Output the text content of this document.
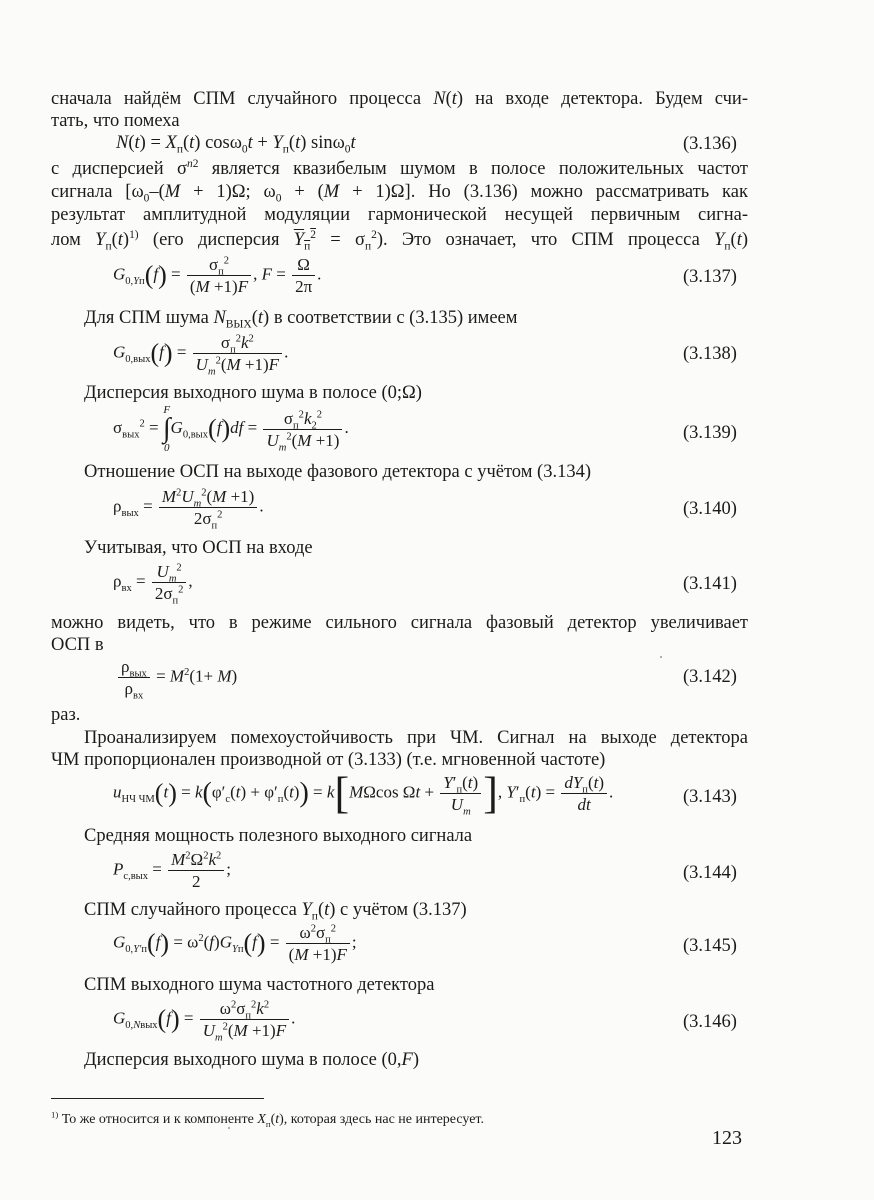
сначала найдём СПМ случайного процесса N(t) на входе детектора. Будем счи-
тать, что помеха
$N(t) = X_п(t) \cos\omega_0t + Y_п(t)$ sinω$_0$t	(3.136)
с дисперсией $\sigma^{n2}$ является квазибелым шумом в полосе положительных частот
сигнала [$\omega_0-(M + 1)\Omega$; $\omega_0 + (M + 1)\Omega$]. Но (3.136) можно рассматривать как
результат амплитудной модуляции гармонической несущей первичным сигна-
лом $Y_п(t)^{1)}$ (его дисперсия $Y_п^2 = \sigma_п^2$). Это означает, что СПМ процесса $Y_п(t)$
$G_{0,Yп}(f) = \frac{\sigma_п^2}{(M +1)F}$ , $F = \frac{\Omega}{2\pi}$ .	(3.137)
Для СПМ шума $N_{ВЫХ}(t)$ в соответствии с (3.135) имеем
$G_{0,вых}(f) = \frac{\sigma_п^2k^2}{U_m^2(M +1)F}$ .	(3.138)
Дисперсия выходного шума в полосе (0;Ω)
$\sigma_{вых}^2$ =
F
∫
0
$G_{0,вых}(f)df = \frac{\sigma_п^2k_2^2}{U_m^2(M +1)}$ .	(3.139)
Отношение ОСП на выходе фазового детектора с учётом (3.134)
$\rho_{вых} = \frac{M^2U_m^2(M +1)}{2\sigma_п^2}$ .	(3.140)
Учитывая, что ОСП на входе
$\rho_{вх} = \frac{U_m^2}{2\sigma_п^2}$ ,	(3.141)
можно видеть, что в режиме сильного сигнала фазовый детектор увеличивает
ОСП в
$\frac{\rho_{вых}}{\rho_{вх}} = M^2(1+ M)$	(3.142)
раз.
Проанализируем помехоустойчивость при ЧМ. Сигнал на выходе детектора
ЧМ пропорционален производной от (3.133) (т.е. мгновенной частоте)
$u_{НЧ ЧМ}(t) = k(\varphi'_c(t) + \varphi'_п(t)) = k[M\Omega\cos$ $\Omega t + \frac{Y'_п(t)}{U_m}$ ], $Y'_п(t) = \frac{dY_п(t)}{dt}$ .	(3.143)
Средняя мощность полезного выходного сигнала
$P_{c,вых} = \frac{M^2\Omega^2k^2}{2}$ ;	(3.144)
СПМ случайного процесса $Y_п(t)$ с учётом (3.137)
$G_{0,Y'п}(f) = \omega^2(f)G_{Yп}(f) = \frac{\omega^2\sigma_п^2}{(M +1)F}$ ;	(3.145)
СПМ выходного шума частотного детектора
$G_{0,Nвых}(f) = \frac{\omega^2\sigma_п^2k^2}{U_m^2(M +1)F}$ .	(3.146)
Дисперсия выходного шума в полосе (0,F)
$^{1)}$ То же относится и к компоненте $X_п(t)$, которая здесь нас не интересует.
123
